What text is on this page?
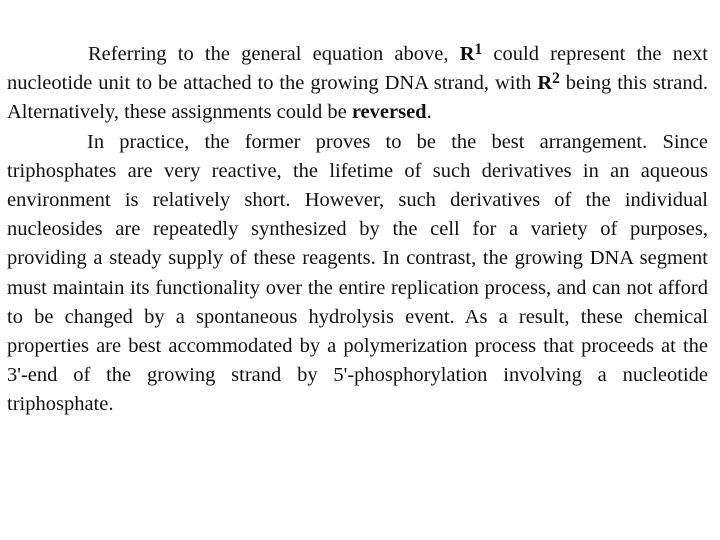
Referring to the general equation above, $R^1$ could represent the next nucleotide unit to be attached to the growing DNA strand, with $R^2$ being this strand. Alternatively, these assignments could be reversed.

In practice, the former proves to be the best arrangement. Since triphosphates are very reactive, the lifetime of such derivatives in an aqueous environment is relatively short. However, such derivatives of the individual nucleosides are repeatedly synthesized by the cell for a variety of purposes, providing a steady supply of these reagents. In contrast, the growing DNA segment must maintain its functionality over the entire replication process, and can not afford to be changed by a spontaneous hydrolysis event. As a result, these chemical properties are best accommodated by a polymerization process that proceeds at the 3'-end of the growing strand by 5'-phosphorylation involving a nucleotide triphosphate.
